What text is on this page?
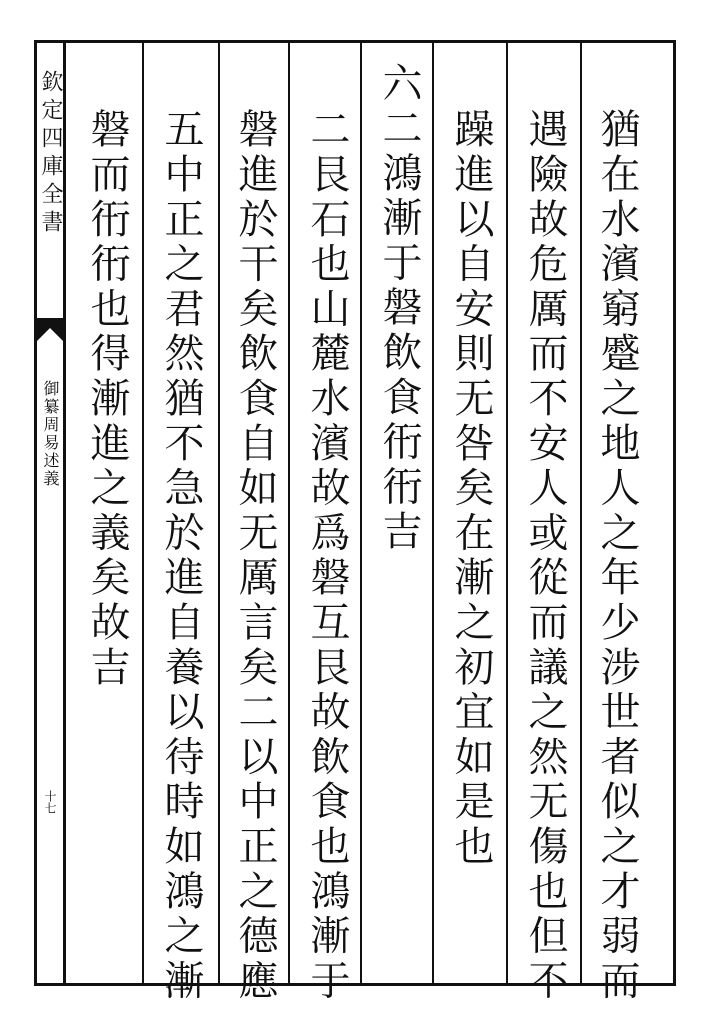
欽定四庫全書
御纂周易述義
十七	猶在水濱窮蹙之地人之年少涉世者似之才弱而
遇險故危厲而不安人或從而議之然无傷也但不
躁進以自安則无咎矣在漸之初宜如是也
六二鴻漸于磐飲食衎衎吉
二艮石也山麓水濱故爲磐互艮故飲食也鴻漸于
磐進於干矣飲食自如无厲言矣二以中正之德應
五中正之君然猶不急於進自養以待時如鴻之漸
磐而衎衎也得漸進之義矣故吉
